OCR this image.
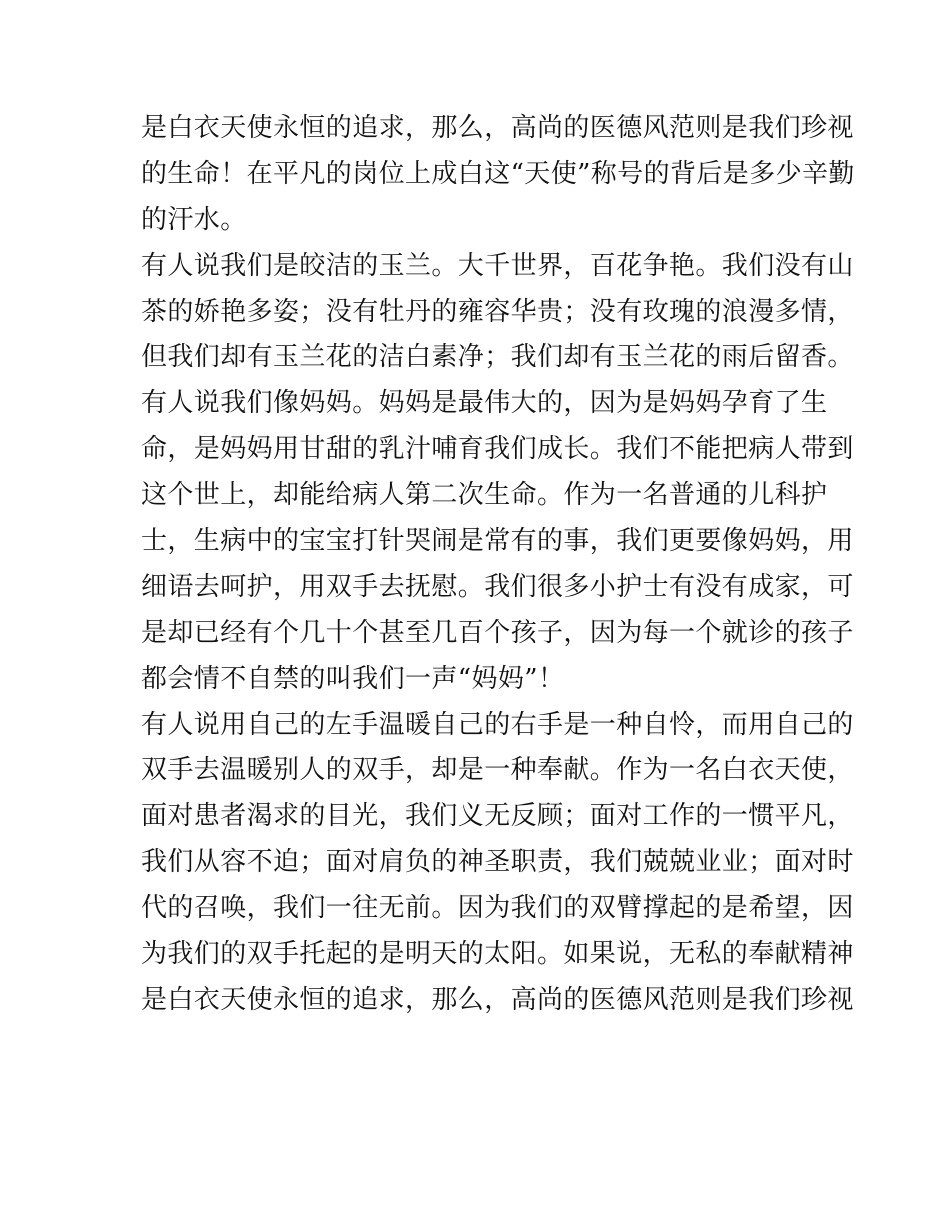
是白衣天使永恒的追求，那么，高尚的医德风范则是我们珍视
的生命！在平凡的岗位上成白这“天使”称号的背后是多少辛勤
的汗水。
有人说我们是皎洁的玉兰。大千世界，百花争艳。我们没有山
茶的娇艳多姿；没有牡丹的雍容华贵；没有玫瑰的浪漫多情，
但我们却有玉兰花的洁白素净；我们却有玉兰花的雨后留香。
有人说我们像妈妈。妈妈是最伟大的，因为是妈妈孕育了生
命，是妈妈用甘甜的乳汁哺育我们成长。我们不能把病人带到
这个世上，却能给病人第二次生命。作为一名普通的儿科护
士，生病中的宝宝打针哭闹是常有的事，我们更要像妈妈，用
细语去呵护，用双手去抚慰。我们很多小护士有没有成家，可
是却已经有个几十个甚至几百个孩子，因为每一个就诊的孩子
都会情不自禁的叫我们一声“妈妈”！
有人说用自己的左手温暖自己的右手是一种自怜，而用自己的
双手去温暖别人的双手，却是一种奉献。作为一名白衣天使，
面对患者渴求的目光，我们义无反顾；面对工作的一惯平凡，
我们从容不迫；面对肩负的神圣职责，我们兢兢业业；面对时
代的召唤，我们一往无前。因为我们的双臂撑起的是希望，因
为我们的双手托起的是明天的太阳。如果说，无私的奉献精神
是白衣天使永恒的追求，那么，高尚的医德风范则是我们珍视
